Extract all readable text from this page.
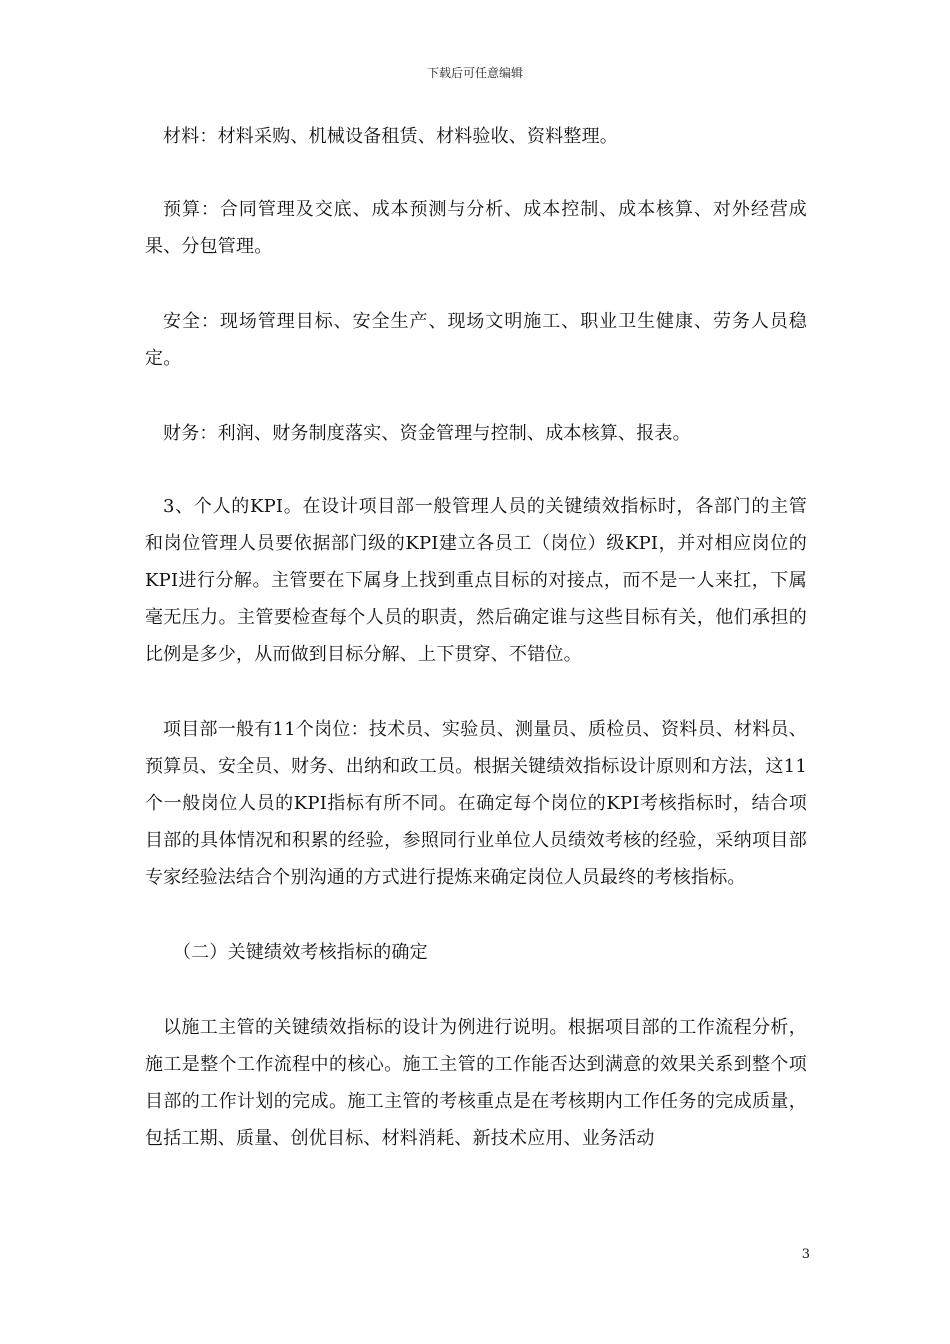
下载后可任意编辑

材料：材料采购、机械设备租赁、材料验收、资料整理。

预算：合同管理及交底、成本预测与分析、成本控制、成本核算、对外经营成果、分包管理。

安全：现场管理目标、安全生产、现场文明施工、职业卫生健康、劳务人员稳定。

财务：利润、财务制度落实、资金管理与控制、成本核算、报表。

3、个人的KPI。在设计项目部一般管理人员的关键绩效指标时，各部门的主管和岗位管理人员要依据部门级的KPI建立各员工（岗位）级KPI，并对相应岗位的KPI进行分解。主管要在下属身上找到重点目标的对接点，而不是一人来扛，下属毫无压力。主管要检查每个人员的职责，然后确定谁与这些目标有关，他们承担的比例是多少，从而做到目标分解、上下贯穿、不错位。

项目部一般有11个岗位：技术员、实验员、测量员、质检员、资料员、材料员、预算员、安全员、财务、出纳和政工员。根据关键绩效指标设计原则和方法，这11个一般岗位人员的KPI指标有所不同。在确定每个岗位的KPI考核指标时，结合项目部的具体情况和积累的经验，参照同行业单位人员绩效考核的经验，采纳项目部专家经验法结合个别沟通的方式进行提炼来确定岗位人员最终的考核指标。

（二）关键绩效考核指标的确定

以施工主管的关键绩效指标的设计为例进行说明。根据项目部的工作流程分析，施工是整个工作流程中的核心。施工主管的工作能否达到满意的效果关系到整个项目部的工作计划的完成。施工主管的考核重点是在考核期内工作任务的完成质量，包括工期、质量、创优目标、材料消耗、新技术应用、业务活动

3
